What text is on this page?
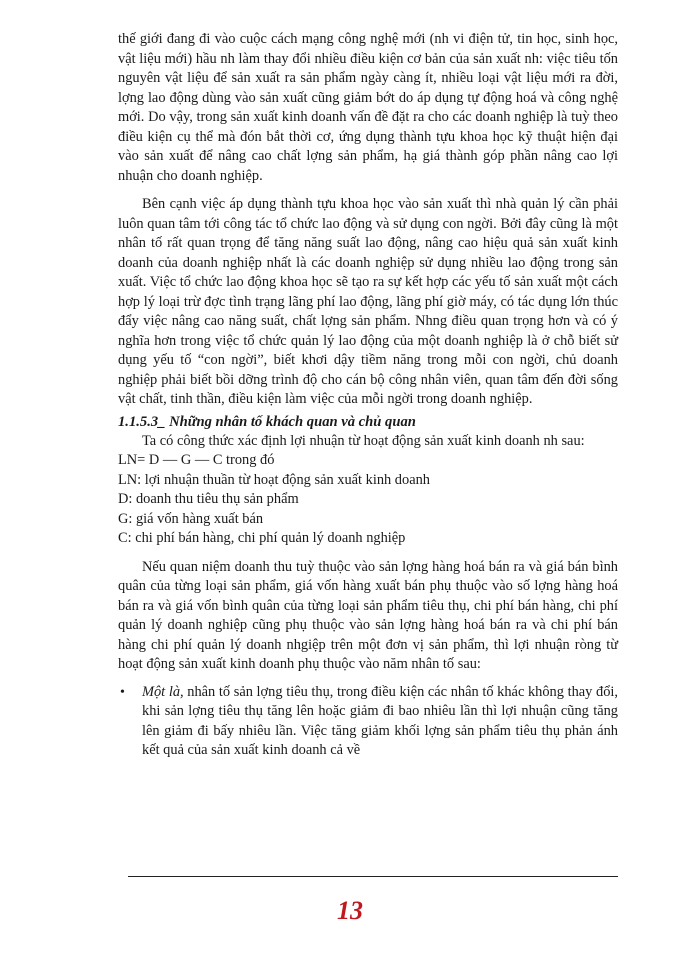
thế giới đang đi vào cuộc cách mạng công nghệ mới (nh vi điện tử, tin học, sinh học, vật liệu mới) hầu nh làm thay đổi nhiều điều kiện cơ bản của sản xuất nh: việc tiêu tốn nguyên vật liệu để sản xuất ra sản phẩm ngày càng ít, nhiều loại vật liệu mới ra đời, lợng lao động dùng vào sản xuất cũng giảm bớt do áp dụng tự động hoá và công nghệ mới. Do vậy, trong sản xuất kinh doanh vấn đề đặt ra cho các doanh nghiệp là tuỳ theo điều kiện cụ thể mà đón bắt thời cơ, ứng dụng thành tựu khoa học kỹ thuật hiện đại vào sản xuất để nâng cao chất lợng sản phẩm, hạ giá thành góp phần nâng cao lợi nhuận cho doanh nghiệp.

Bên cạnh việc áp dụng thành tựu khoa học vào sản xuất thì nhà quản lý cần phải luôn quan tâm tới công tác tổ chức lao động và sử dụng con ngời. Bởi đây cũng là một nhân tố rất quan trọng để tăng năng suất lao động, nâng cao hiệu quả sản xuất kinh doanh của doanh nghiệp nhất là các doanh nghiệp sử dụng nhiều lao động trong sản xuất. Việc tổ chức lao động khoa học sẽ tạo ra sự kết hợp các yếu tố sản xuất một cách hợp lý loại trừ đợc tình trạng lãng phí lao động, lãng phí giờ máy, có tác dụng lớn thúc đẩy việc nâng cao năng suất, chất lợng sản phẩm. Nhng điều quan trọng hơn và có ý nghĩa hơn trong việc tổ chức quản lý lao động của một doanh nghiệp là ở chỗ biết sử dụng yếu tố “con ngời”, biết khơi dậy tiềm năng trong mỗi con ngời, chủ doanh nghiệp phải biết bồi dỡng trình độ cho cán bộ công nhân viên, quan tâm đến đời sống vật chất, tinh thần, điều kiện làm việc của mỗi ngời trong doanh nghiệp.

1.1.5.3_ Những nhân tố khách quan và chủ quan

Ta có công thức xác định lợi nhuận từ hoạt động sản xuất kinh doanh nh sau:

LN= D — G — C trong đó

LN: lợi nhuận thuần từ hoạt động sản xuất kinh doanh

D: doanh thu tiêu thụ sản phẩm

G: giá vốn hàng xuất bán

C: chi phí bán hàng, chi phí quản lý doanh nghiệp

Nếu quan niệm doanh thu tuỳ thuộc vào sản lợng hàng hoá bán ra và giá bán bình quân của từng loại sản phẩm, giá vốn hàng xuất bán phụ thuộc vào số lợng hàng hoá bán ra và giá vốn bình quân của từng loại sản phẩm tiêu thụ, chi phí bán hàng, chi phí quản lý doanh nghiệp cũng phụ thuộc vào sản lợng hàng hoá bán ra và chi phí bán hàng chi phí quản lý doanh nhgiệp trên một đơn vị sản phẩm, thì lợi nhuận ròng từ hoạt động sản xuất kinh doanh phụ thuộc vào năm nhân tố sau:

•	Một là, nhân tố sản lợng tiêu thụ, trong điều kiện các nhân tố khác không thay đổi, khi sản lợng tiêu thụ tăng lên hoặc giảm đi bao nhiêu lần thì lợi nhuận cũng tăng lên giảm đi bấy nhiêu lần. Việc tăng giảm khối lợng sản phẩm tiêu thụ phản ánh kết quả của sản xuất kinh doanh cả về

13
